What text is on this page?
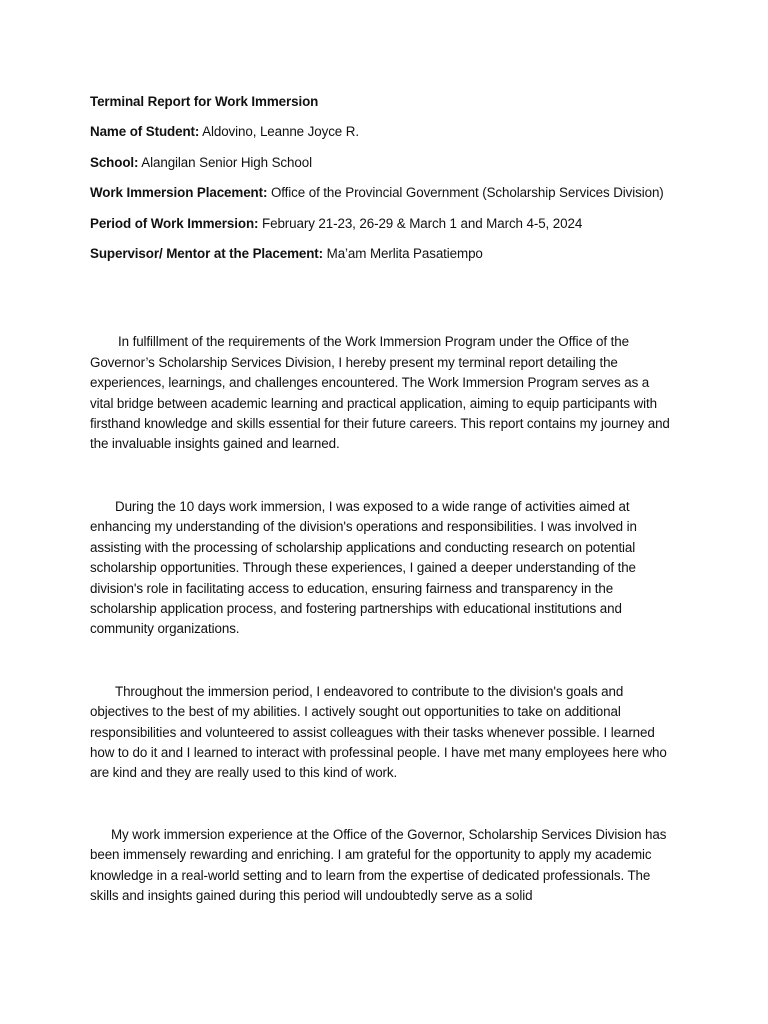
Terminal Report for Work Immersion
Name of Student: Aldovino, Leanne Joyce R.
School: Alangilan Senior High School
Work Immersion Placement: Office of the Provincial Government (Scholarship Services Division)
Period of Work Immersion: February 21-23, 26-29 & March 1 and March 4-5, 2024
Supervisor/ Mentor at the Placement: Ma’am Merlita Pasatiempo

In fulfillment of the requirements of the Work Immersion Program under the Office of the Governor’s Scholarship Services Division, I hereby present my terminal report detailing the experiences, learnings, and challenges encountered. The Work Immersion Program serves as a vital bridge between academic learning and practical application, aiming to equip participants with firsthand knowledge and skills essential for their future careers. This report contains my journey and the invaluable insights gained and learned.

During the 10 days work immersion, I was exposed to a wide range of activities aimed at enhancing my understanding of the division's operations and responsibilities. I was involved in assisting with the processing of scholarship applications and conducting research on potential scholarship opportunities. Through these experiences, I gained a deeper understanding of the division's role in facilitating access to education, ensuring fairness and transparency in the scholarship application process, and fostering partnerships with educational institutions and community organizations.

Throughout the immersion period, I endeavored to contribute to the division's goals and objectives to the best of my abilities. I actively sought out opportunities to take on additional responsibilities and volunteered to assist colleagues with their tasks whenever possible. I learned how to do it and I learned to interact with professinal people. I have met many employees here who are kind and they are really used to this kind of work.

My work immersion experience at the Office of the Governor, Scholarship Services Division has been immensely rewarding and enriching. I am grateful for the opportunity to apply my academic knowledge in a real-world setting and to learn from the expertise of dedicated professionals. The skills and insights gained during this period will undoubtedly serve as a solid
